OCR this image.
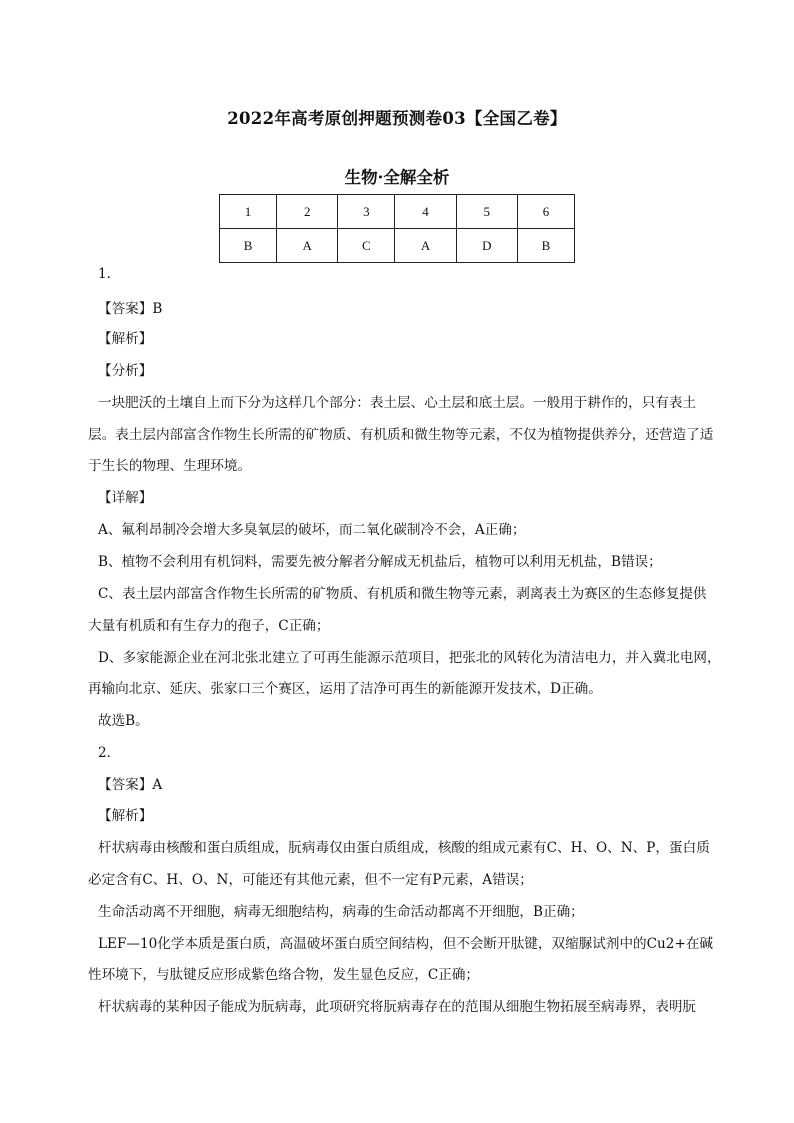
2022年高考原创押题预测卷03【全国乙卷】
生物·全解全析
1	2	3	4	5	6
B	A	C	A	D	B
1．
【答案】B
【解析】
【分析】
一块肥沃的土壤自上而下分为这样几个部分：表土层、心土层和底土层。一般用于耕作的，只有表土
层。表土层内部富含作物生长所需的矿物质、有机质和微生物等元素，不仅为植物提供养分，还营造了适
于生长的物理、生理环境。
【详解】
A、氟利昂制冷会增大多臭氧层的破坏，而二氧化碳制冷不会，A正确；
B、植物不会利用有机饲料，需要先被分解者分解成无机盐后，植物可以利用无机盐，B错误；
C、表土层内部富含作物生长所需的矿物质、有机质和微生物等元素，剥离表土为赛区的生态修复提供
大量有机质和有生存力的孢子，C正确；
D、多家能源企业在河北张北建立了可再生能源示范项目，把张北的风转化为清洁电力，并入冀北电网，
再输向北京、延庆、张家口三个赛区，运用了洁净可再生的新能源开发技术，D正确。
故选B。
2．
【答案】A
【解析】
杆状病毒由核酸和蛋白质组成，朊病毒仅由蛋白质组成，核酸的组成元素有C、H、O、N、P，蛋白质
必定含有C、H、O、N，可能还有其他元素，但不一定有P元素，A错误；
生命活动离不开细胞，病毒无细胞结构，病毒的生命活动都离不开细胞，B正确；
LEF—10化学本质是蛋白质，高温破坏蛋白质空间结构，但不会断开肽键，双缩脲试剂中的Cu2+在碱
性环境下，与肽键反应形成紫色络合物，发生显色反应，C正确；
杆状病毒的某种因子能成为朊病毒，此项研究将朊病毒存在的范围从细胞生物拓展至病毒界，表明朊
